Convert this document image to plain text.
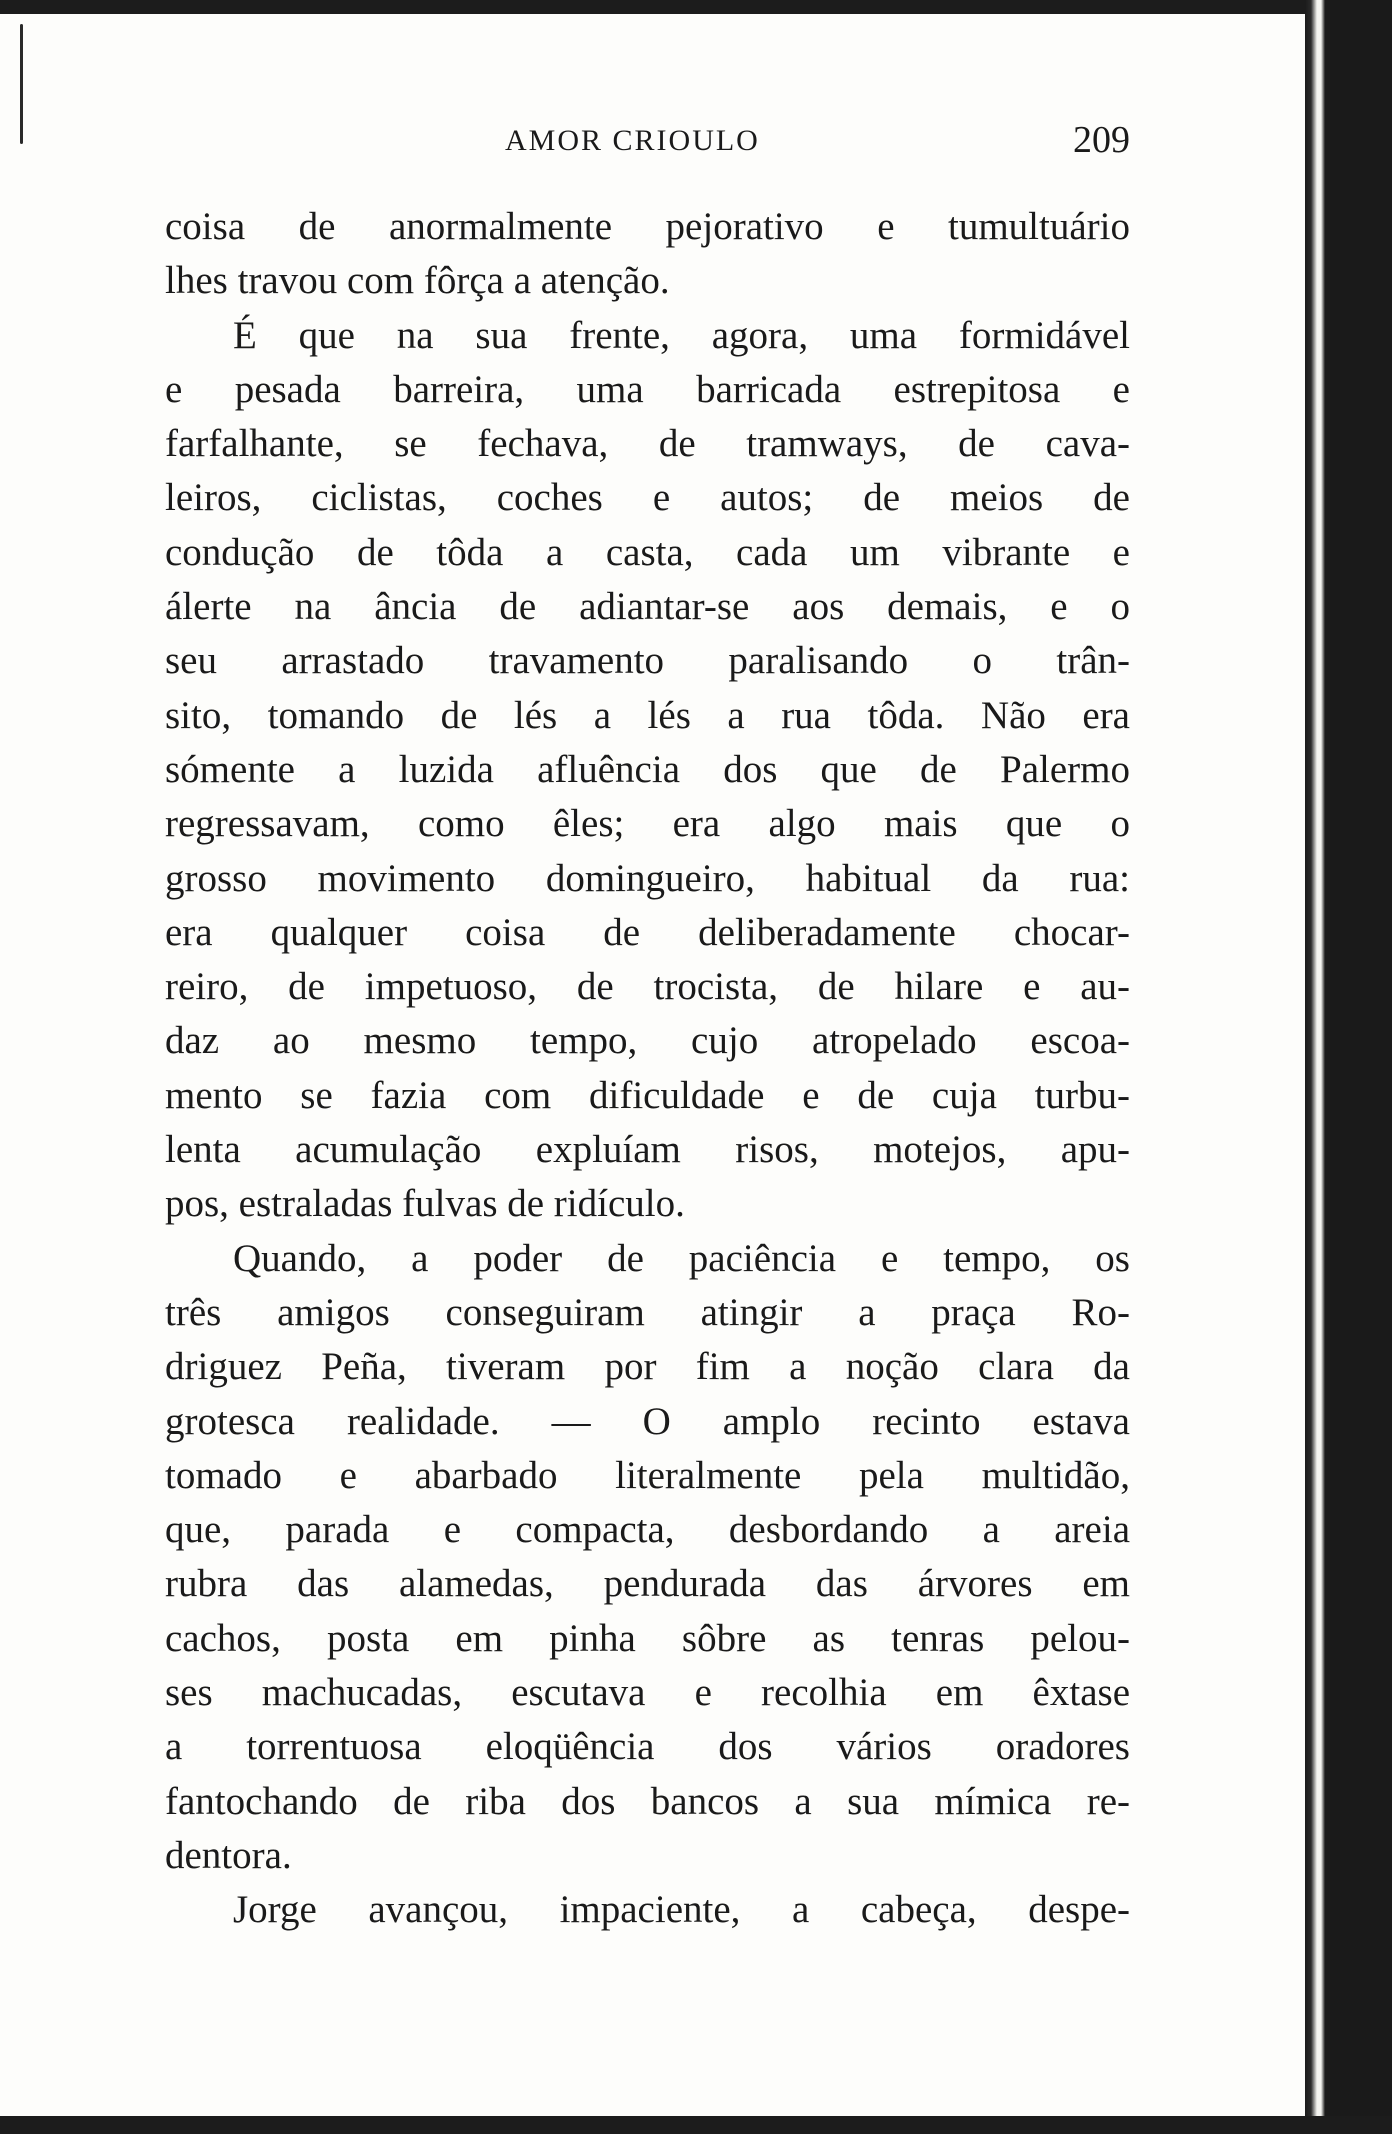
AMOR CRIOULO	209
coisa de anormalmente pejorativo e tumultuário
lhes travou com fôrça a atenção.
É que na sua frente, agora, uma formidável
e pesada barreira, uma barricada estrepitosa e
farfalhante, se fechava, de tramways, de cava-
leiros, ciclistas, coches e autos; de meios de
condução de tôda a casta, cada um vibrante e
álerte na ância de adiantar-se aos demais, e o
seu arrastado travamento paralisando o trân-
sito, tomando de lés a lés a rua tôda. Não era
sómente a luzida afluência dos que de Palermo
regressavam, como êles; era algo mais que o
grosso movimento domingueiro, habitual da rua:
era qualquer coisa de deliberadamente chocar-
reiro, de impetuoso, de trocista, de hilare e au-
daz ao mesmo tempo, cujo atropelado escoa-
mento se fazia com dificuldade e de cuja turbu-
lenta acumulação expluíam risos, motejos, apu-
pos, estraladas fulvas de ridículo.
Quando, a poder de paciência e tempo, os
três amigos conseguiram atingir a praça Ro-
driguez Peña, tiveram por fim a noção clara da
grotesca realidade. — O amplo recinto estava
tomado e abarbado literalmente pela multidão,
que, parada e compacta, desbordando a areia
rubra das alamedas, pendurada das árvores em
cachos, posta em pinha sôbre as tenras pelou-
ses machucadas, escutava e recolhia em êxtase
a torrentuosa eloqüência dos vários oradores
fantochando de riba dos bancos a sua mímica re-
dentora.
Jorge avançou, impaciente, a cabeça, despe-
